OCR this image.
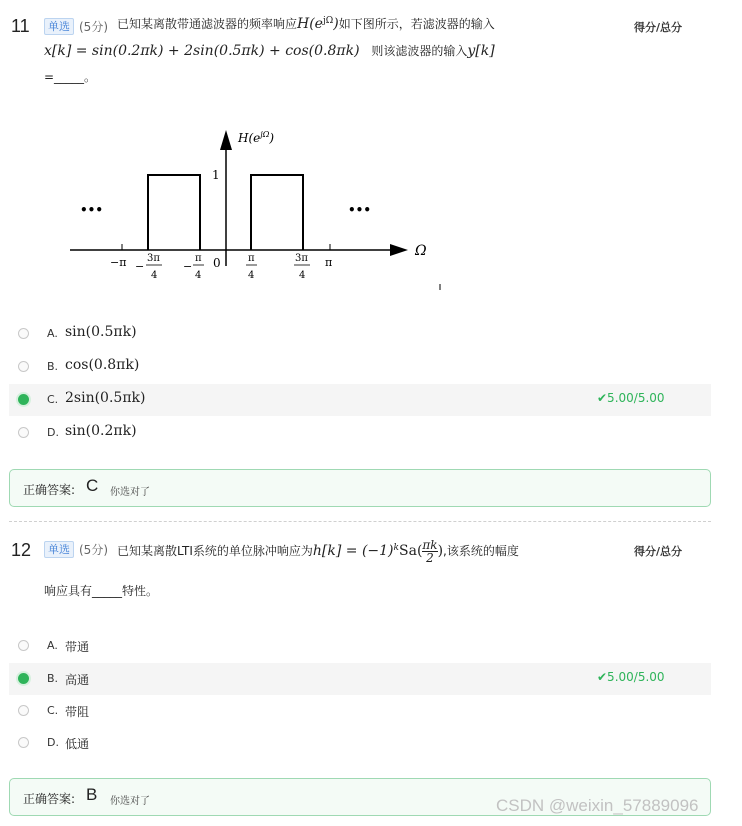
11	单选 (5分) 已知某离散带通滤波器的频率响应$H(e^{j\Omega})$如下图所示，若滤波器的输入	得分/总分
x[k] = sin(0.2πk) + 2sin(0.5πk) + cos(0.8πk) 则该滤波器的输入y[k]
=_____。
$H(e^{j\Omega})$
Ω
1
0
•••	•••
−π −
3π
4
−
π
4
π
4
3π
4
π
A. sin(0.5πk)
B. cos(0.8πk)
C. 2sin(0.5πk)	✔5.00/5.00
D. sin(0.2πk)
正确答案: C 你选对了
12	单选 (5分) 已知某离散LTI系统的单位脉冲响应为$h[k] = (-1)^kSa( \frac{\pi k}{2}$ ),该系统的幅度	得分/总分
响应具有_____特性。
A. 带通
B. 高通	✔5.00/5.00
C. 带阻
D. 低通
正确答案: B 你选对了	CSDN @weixin_57889096
